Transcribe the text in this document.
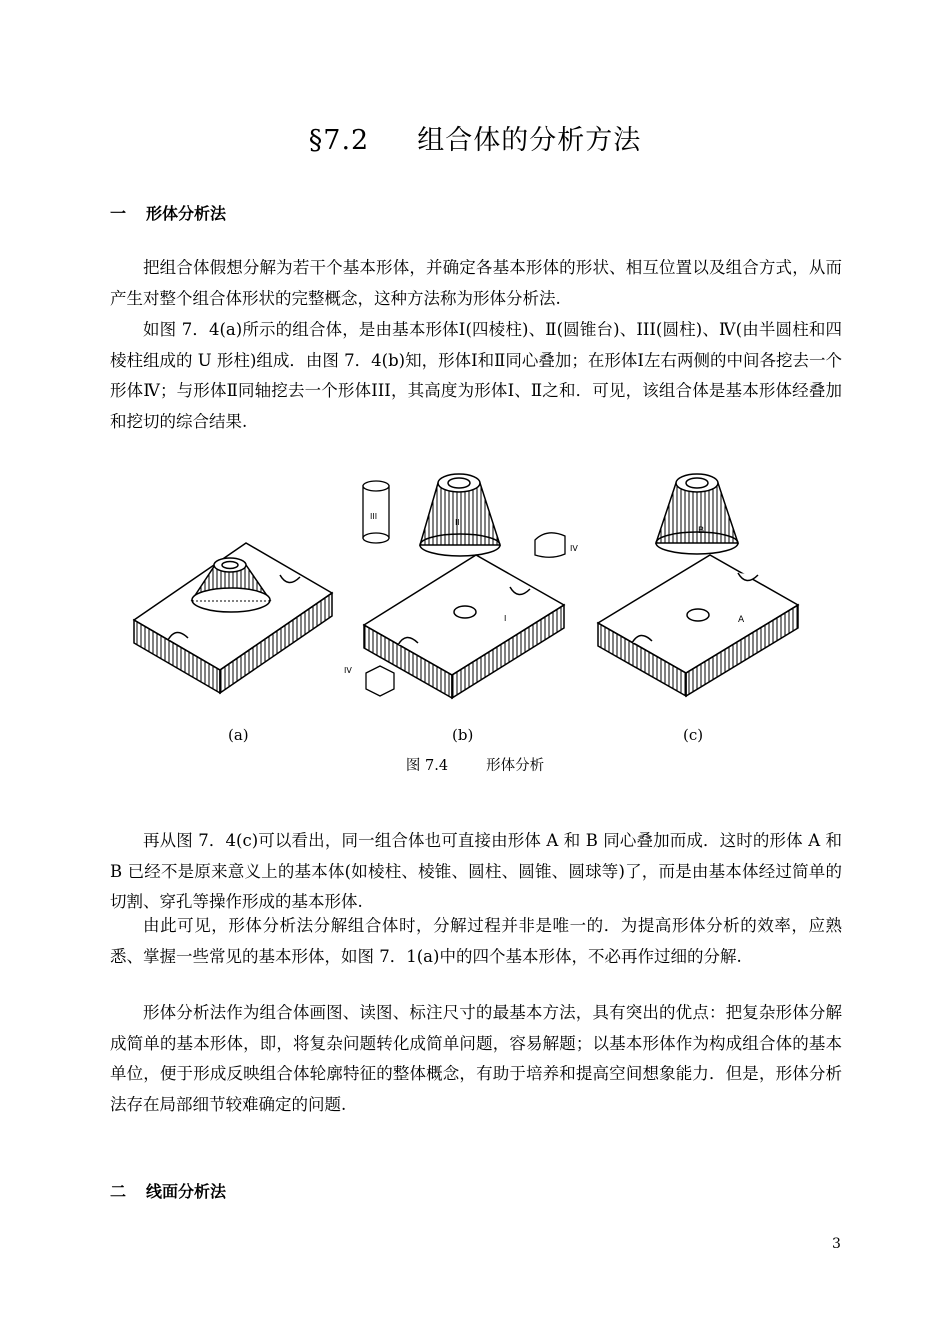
§7.2 组合体的分析方法
一 形体分析法

把组合体假想分解为若干个基本形体，并确定各基本形体的形状、相互位置以及组合方式，从而产生对整个组合体形状的完整概念，这种方法称为形体分析法.

如图 7．4(a)所示的组合体，是由基本形体Ⅰ(四棱柱)、Ⅱ(圆锥台)、III(圆柱)、Ⅳ(由半圆柱和四棱柱组成的 U 形柱)组成．由图 7．4(b)知，形体Ⅰ和Ⅱ同心叠加；在形体Ⅰ左右两侧的中间各挖去一个形体Ⅳ；与形体Ⅱ同轴挖去一个形体III，其高度为形体Ⅰ、Ⅱ之和．可见，该组合体是基本形体经叠加和挖切的综合结果.

III
II
IV
I
IV
B
A
(a)	(b)	(c)
图 7.4	形体分析

再从图 7．4(c)可以看出，同一组合体也可直接由形体 A 和 B 同心叠加而成．这时的形体 A 和 B 已经不是原来意义上的基本体(如棱柱、棱锥、圆柱、圆锥、圆球等)了，而是由基本体经过简单的切割、穿孔等操作形成的基本形体.

由此可见，形体分析法分解组合体时，分解过程并非是唯一的．为提高形体分析的效率，应熟悉、掌握一些常见的基本形体，如图 7．1(a)中的四个基本形体，不必再作过细的分解.

形体分析法作为组合体画图、读图、标注尺寸的最基本方法，具有突出的优点：把复杂形体分解成简单的基本形体，即，将复杂问题转化成简单问题，容易解题；以基本形体作为构成组合体的基本单位，便于形成反映组合体轮廓特征的整体概念，有助于培养和提高空间想象能力．但是，形体分析法存在局部细节较难确定的问题.

二 线面分析法
3
